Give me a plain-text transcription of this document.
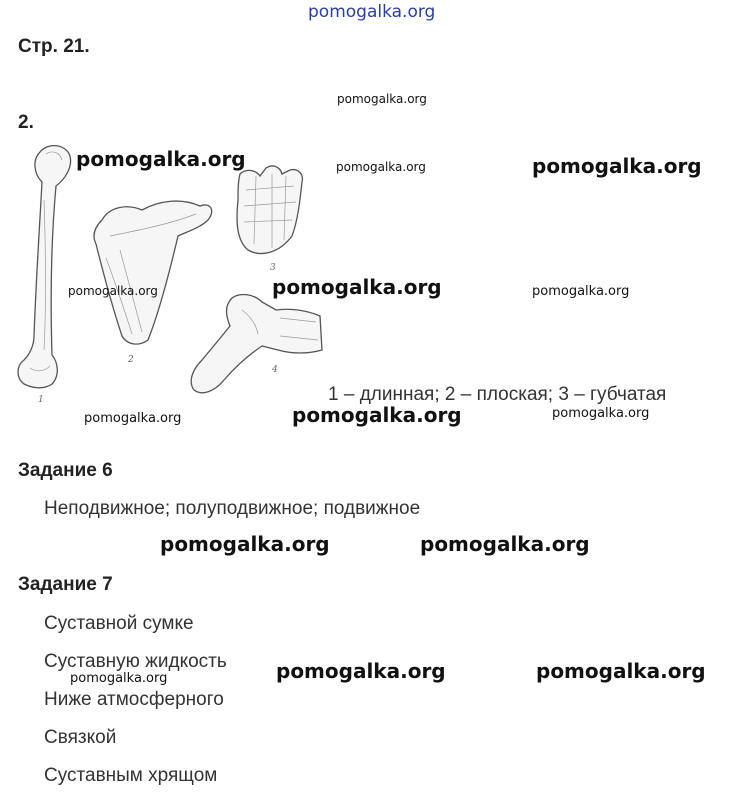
pomogalka.org
Стр. 21.
2.
1
2
3
4
1 – длинная; 2 – плоская; 3 – губчатая
Задание 6
Неподвижное; полуподвижное; подвижное
Задание 7
Суставной сумке
Суставную жидкость
Ниже атмосферного
Связкой
Суставным хрящом
pomogalka.org
pomogalka.org	pomogalka.org	pomogalka.org
pomogalka.org	pomogalka.org	pomogalka.org
pomogalka.org	pomogalka.org	pomogalka.org
pomogalka.org	pomogalka.org
pomogalka.org	pomogalka.org
pomogalka.org
